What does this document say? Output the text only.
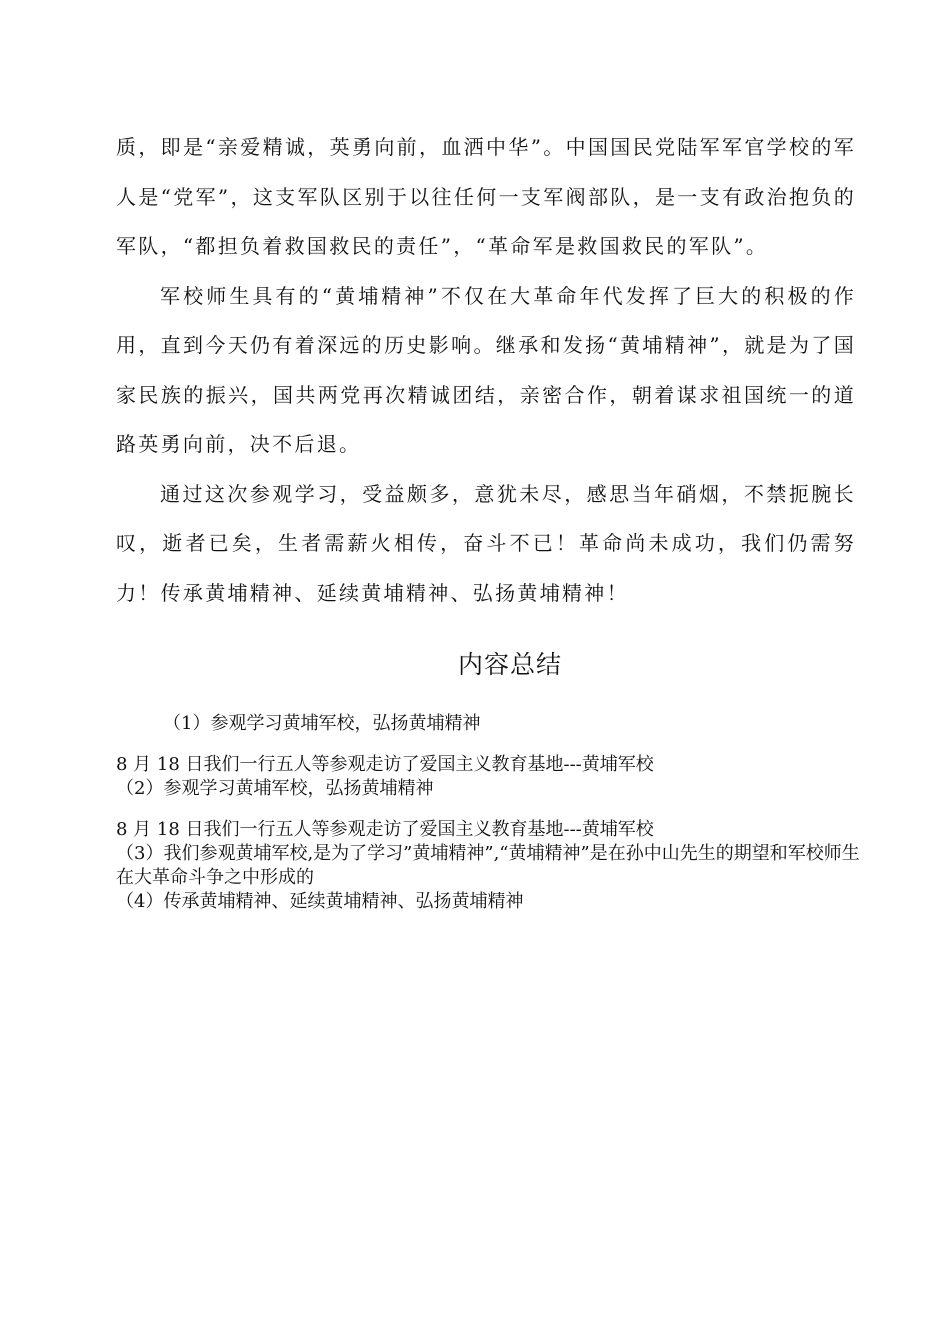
质，即是“亲爱精诚，英勇向前，血洒中华”。中国国民党陆军军官学校的军人是“党军”，这支军队区别于以往任何一支军阀部队，是一支有政治抱负的军队，“都担负着救国救民的责任”，“革命军是救国救民的军队”。

军校师生具有的“黄埔精神”不仅在大革命年代发挥了巨大的积极的作用，直到今天仍有着深远的历史影响。继承和发扬“黄埔精神”，就是为了国家民族的振兴，国共两党再次精诚团结，亲密合作，朝着谋求祖国统一的道路英勇向前，决不后退。

通过这次参观学习，受益颇多，意犹未尽，感思当年硝烟，不禁扼腕长叹，逝者已矣，生者需薪火相传，奋斗不已！革命尚未成功，我们仍需努力！传承黄埔精神、延续黄埔精神、弘扬黄埔精神！

内容总结

（1）参观学习黄埔军校，弘扬黄埔精神

8 月 18 日我们一行五人等参观走访了爱国主义教育基地---黄埔军校

（2）参观学习黄埔军校，弘扬黄埔精神

8 月 18 日我们一行五人等参观走访了爱国主义教育基地---黄埔军校

（3）我们参观黄埔军校,是为了学习”黄埔精神”,“黄埔精神”是在孙中山先生的期望和军校师生在大革命斗争之中形成的

（4）传承黄埔精神、延续黄埔精神、弘扬黄埔精神
